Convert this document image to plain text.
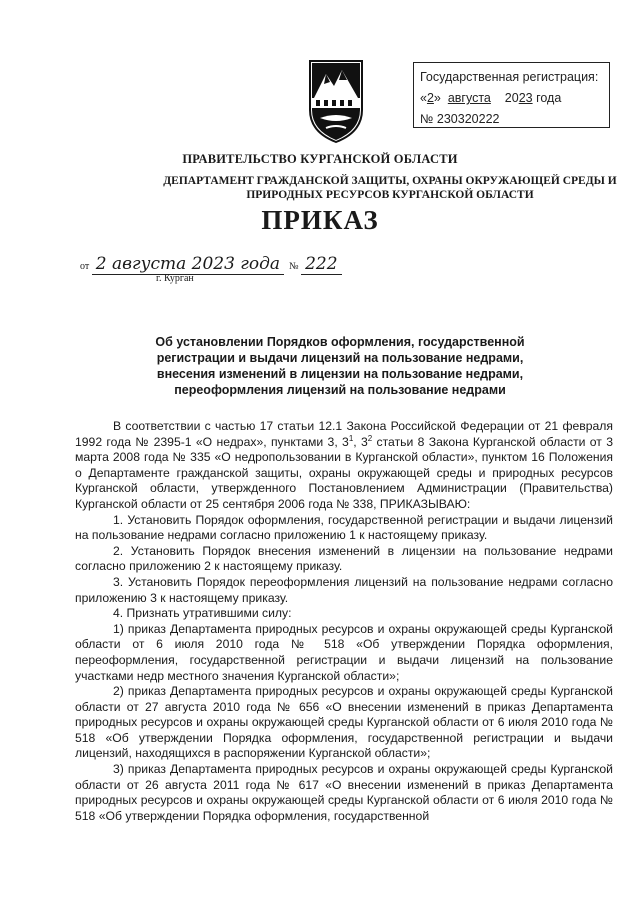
Государственная регистрация:
«2» августа 2023 года
№ 230320222
ПРАВИТЕЛЬСТВО КУРГАНСКОЙ ОБЛАСТИ
ДЕПАРТАМЕНТ ГРАЖДАНСКОЙ ЗАЩИТЫ, ОХРАНЫ ОКРУЖАЮЩЕЙ СРЕДЫ И
ПРИРОДНЫХ РЕСУРСОВ КУРГАНСКОЙ ОБЛАСТИ
ПРИКАЗ
от 2 августа 2023 года № 222
г. Курган
Об установлении Порядков оформления, государственной
регистрации и выдачи лицензий на пользование недрами,
внесения изменений в лицензии на пользование недрами,
переоформления лицензий на пользование недрами

В соответствии с частью 17 статьи 12.1 Закона Российской Федерации от 21 февраля 1992 года № 2395-1 «О недрах», пунктами 3, $3^1$, $3^2$ статьи 8 Закона Курганской области от 3 марта 2008 года № 335 «О недропользовании в Курганской области», пунктом 16 Положения о Департаменте гражданской защиты, охраны окружающей среды и природных ресурсов Курганской области, утвержденного Постановлением Администрации (Правительства) Курганской области от 25 сентября 2006 года № 338, ПРИКАЗЫВАЮ:

1. Установить Порядок оформления, государственной регистрации и выдачи лицензий на пользование недрами согласно приложению 1 к настоящему приказу.

2. Установить Порядок внесения изменений в лицензии на пользование недрами согласно приложению 2 к настоящему приказу.

3. Установить Порядок переоформления лицензий на пользование недрами согласно приложению 3 к настоящему приказу.

4. Признать утратившими силу:

1) приказ Департамента природных ресурсов и охраны окружающей среды Курганской области от 6 июля 2010 года № 518 «Об утверждении Порядка оформления, переоформления, государственной регистрации и выдачи лицензий на пользование участками недр местного значения Курганской области»;

2) приказ Департамента природных ресурсов и охраны окружающей среды Курганской области от 27 августа 2010 года № 656 «О внесении изменений в приказ Департамента природных ресурсов и охраны окружающей среды Курганской области от 6 июля 2010 года № 518 «Об утверждении Порядка оформления, государственной регистрации и выдачи лицензий, находящихся в распоряжении Курганской области»;

3) приказ Департамента природных ресурсов и охраны окружающей среды Курганской области от 26 августа 2011 года № 617 «О внесении изменений в приказ Департамента природных ресурсов и охраны окружающей среды Курганской области от 6 июля 2010 года № 518 «Об утверждении Порядка оформления, государственной
